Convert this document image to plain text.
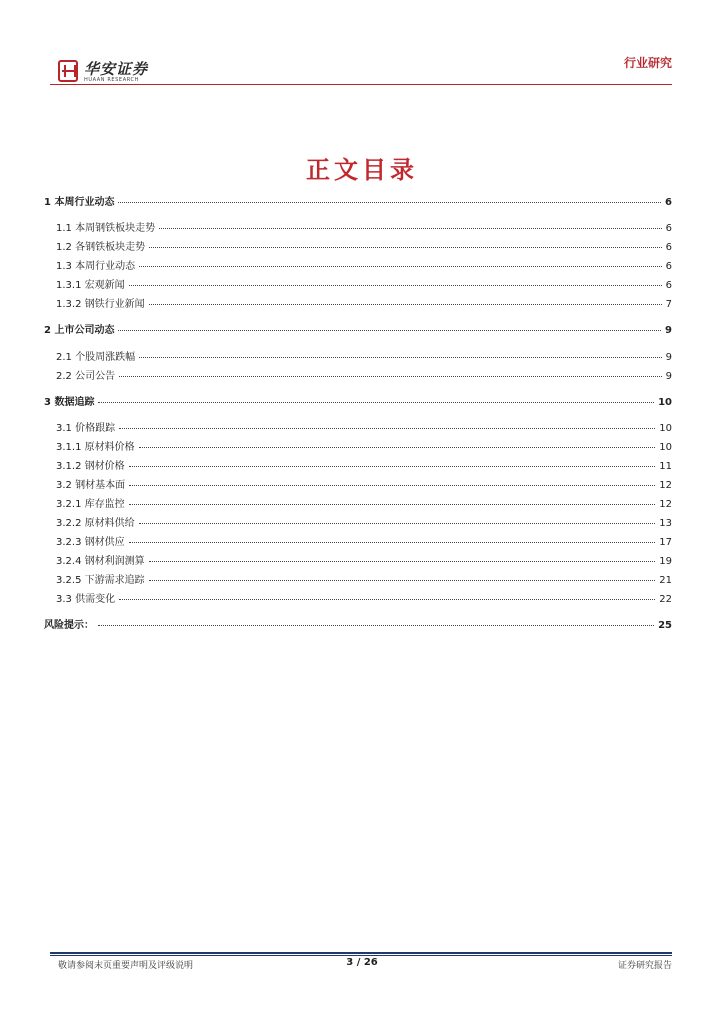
华安证券
HUAAN RESEARCH
行业研究
正文目录
1 本周行业动态	6
1.1 本周钢铁板块走势	6
1.2 各钢铁板块走势	6
1.3 本周行业动态	6
1.3.1 宏观新闻	6
1.3.2 钢铁行业新闻	7
2 上市公司动态	9
2.1 个股周涨跌幅	9
2.2 公司公告	9
3 数据追踪	10
3.1 价格跟踪	10
3.1.1 原材料价格	10
3.1.2 钢材价格	11
3.2 钢材基本面	12
3.2.1 库存监控	12
3.2.2 原材料供给	13
3.2.3 钢材供应	17
3.2.4 钢材利润测算	19
3.2.5 下游需求追踪	21
3.3 供需变化	22
风险提示：	25
敬请参阅末页重要声明及评级说明	3 / 26	证券研究报告
